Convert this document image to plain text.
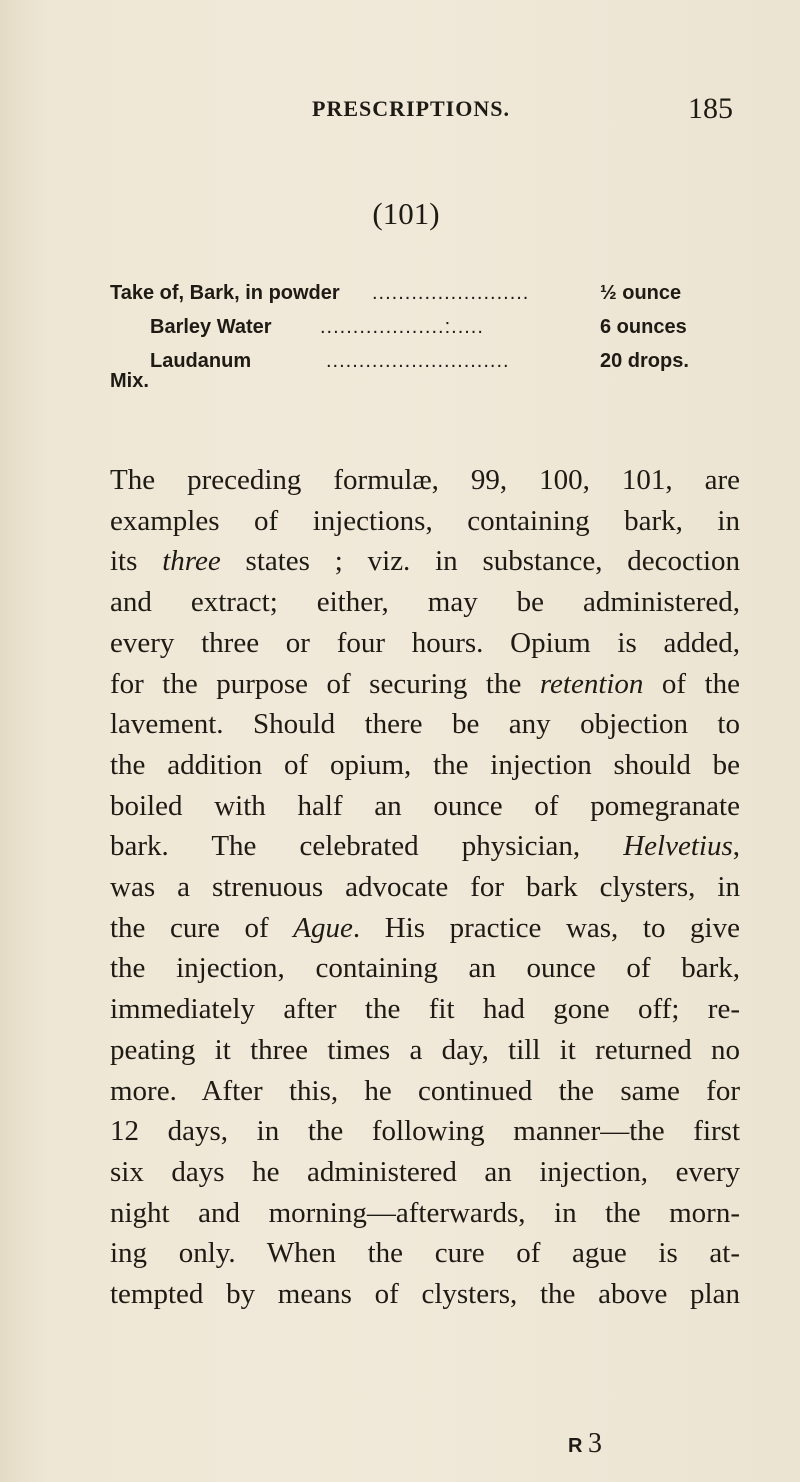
PRESCRIPTIONS.	185
(101)
Take of, Bark, in powder ........................	½ ounce
Barley Water ...................:.....	6 ounces
Laudanum	............................	20 drops.
Mix.
The preceding formulæ, 99, 100, 101, are
examples of injections, containing bark, in
its three states ; viz. in substance, decoction
and extract; either, may be administered,
every three or four hours. Opium is added,
for the purpose of securing the retention of the
lavement. Should there be any objection to
the addition of opium, the injection should be
boiled with half an ounce of pomegranate
bark. The celebrated physician, Helvetius,
was a strenuous advocate for bark clysters, in
the cure of Ague. His practice was, to give
the injection, containing an ounce of bark,
immediately after the fit had gone off; re-
peating it three times a day, till it returned no
more. After this, he continued the same for
12 days, in the following manner—the first
six days he administered an injection, every
night and morning—afterwards, in the morn-
ing only. When the cure of ague is at-
tempted by means of clysters, the above plan
R 3
